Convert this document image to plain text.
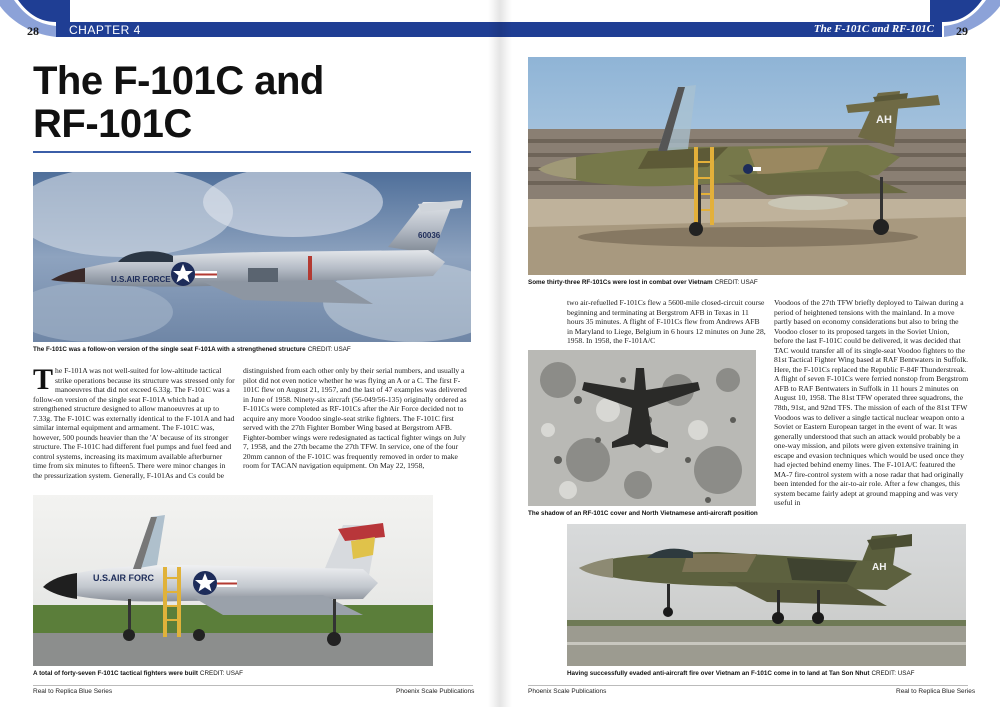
28	CHAPTER 4
The F-101C and
RF-101C
U.S.AIR FORCE
60036
The F-101C was a follow-on version of the single seat F-101A with a strengthened structure CREDIT: USAF
The F-101A was not well-suited for low-altitude tactical strike operations because its structure was stressed only for manoeuvres that did not exceed 6.33g. The F-101C was a follow-on version of the single seat F-101A which had a strengthened structure designed to allow manoeuvres at up to 7.33g. The F-101C was externally identical to the F-101A and had similar internal equipment and armament. The F-101C was, however, 500 pounds heavier than the 'A' because of its stronger structure. The F-101C had different fuel pumps and fuel feed and control systems, increasing its maximum available afterburner time from six minutes to fifteen5. There were minor changes in the pressurization system. Generally, F-101As and Cs could be
distinguished from each other only by their serial numbers, and usually a pilot did not even notice whether he was flying an A or a C. The first F-101C flew on August 21, 1957, and the last of 47 examples was delivered in June of 1958. Ninety-six aircraft (56-049/56-135) originally ordered as F-101Cs were completed as RF-101Cs after the Air Force decided not to acquire any more Voodoo single-seat strike fighters. The F-101C first served with the 27th Fighter Bomber Wing based at Bergstrom AFB. Fighter-bomber wings were redesignated as tactical fighter wings on July 7, 1958, and the 27th became the 27th TFW. In service, one of the four 20mm cannon of the F-101C was frequently removed in order to make room for TACAN navigation equipment. On May 22, 1958,
U.S.AIR FORC
A total of forty-seven F-101C tactical fighters were built CREDIT: USAF
Real to Replica Blue Series	Phoenix Scale Publications
29
The F-101C and RF-101C
AH
Some thirty-three RF-101Cs were lost in combat over Vietnam CREDIT: USAF
two air-refuelled F-101Cs flew a 5600-mile closed-circuit course beginning and terminating at Bergstrom AFB in Texas in 11 hours 35 minutes. A flight of F-101Cs flew from Andrews AFB in Maryland to Liege, Belgium in 6 hours 12 minutes on June 28, 1958. In 1958, the F-101A/C
The shadow of an RF-101C cover and North Vietnamese anti-aircraft position
Voodoos of the 27th TFW briefly deployed to Taiwan during a period of heightened tensions with the mainland. In a move partly based on economy considerations but also to bring the Voodoo closer to its proposed targets in the Soviet Union, before the last F-101C could be delivered, it was decided that TAC would transfer all of its single-seat Voodoo fighters to the 81st Tactical Fighter Wing based at RAF Bentwaters in Suffolk. Here, the F-101Cs replaced the Republic F-84F Thunderstreak. A flight of seven F-101Cs were ferried nonstop from Bergstrom AFB to RAF Bentwaters in Suffolk in 11 hours 2 minutes on August 10, 1958. The 81st TFW operated three squadrons, the 78th, 91st, and 92nd TFS. The mission of each of the 81st TFW Voodoos was to deliver a single tactical nuclear weapon onto a Soviet or Eastern European target in the event of war. It was generally understood that such an attack would probably be a one-way mission, and pilots were given extensive training in escape and evasion techniques which would be used once they had ejected behind enemy lines. The F-101A/C featured the MA-7 fire-control system with a nose radar that had originally been intended for the air-to-air role. After a few changes, this system became fairly adept at ground mapping and was very useful in
AH
Having successfully evaded anti-aircraft fire over Vietnam an F-101C come in to land at Tan Son Nhut CREDIT: USAF
Phoenix Scale Publications	Real to Replica Blue Series
